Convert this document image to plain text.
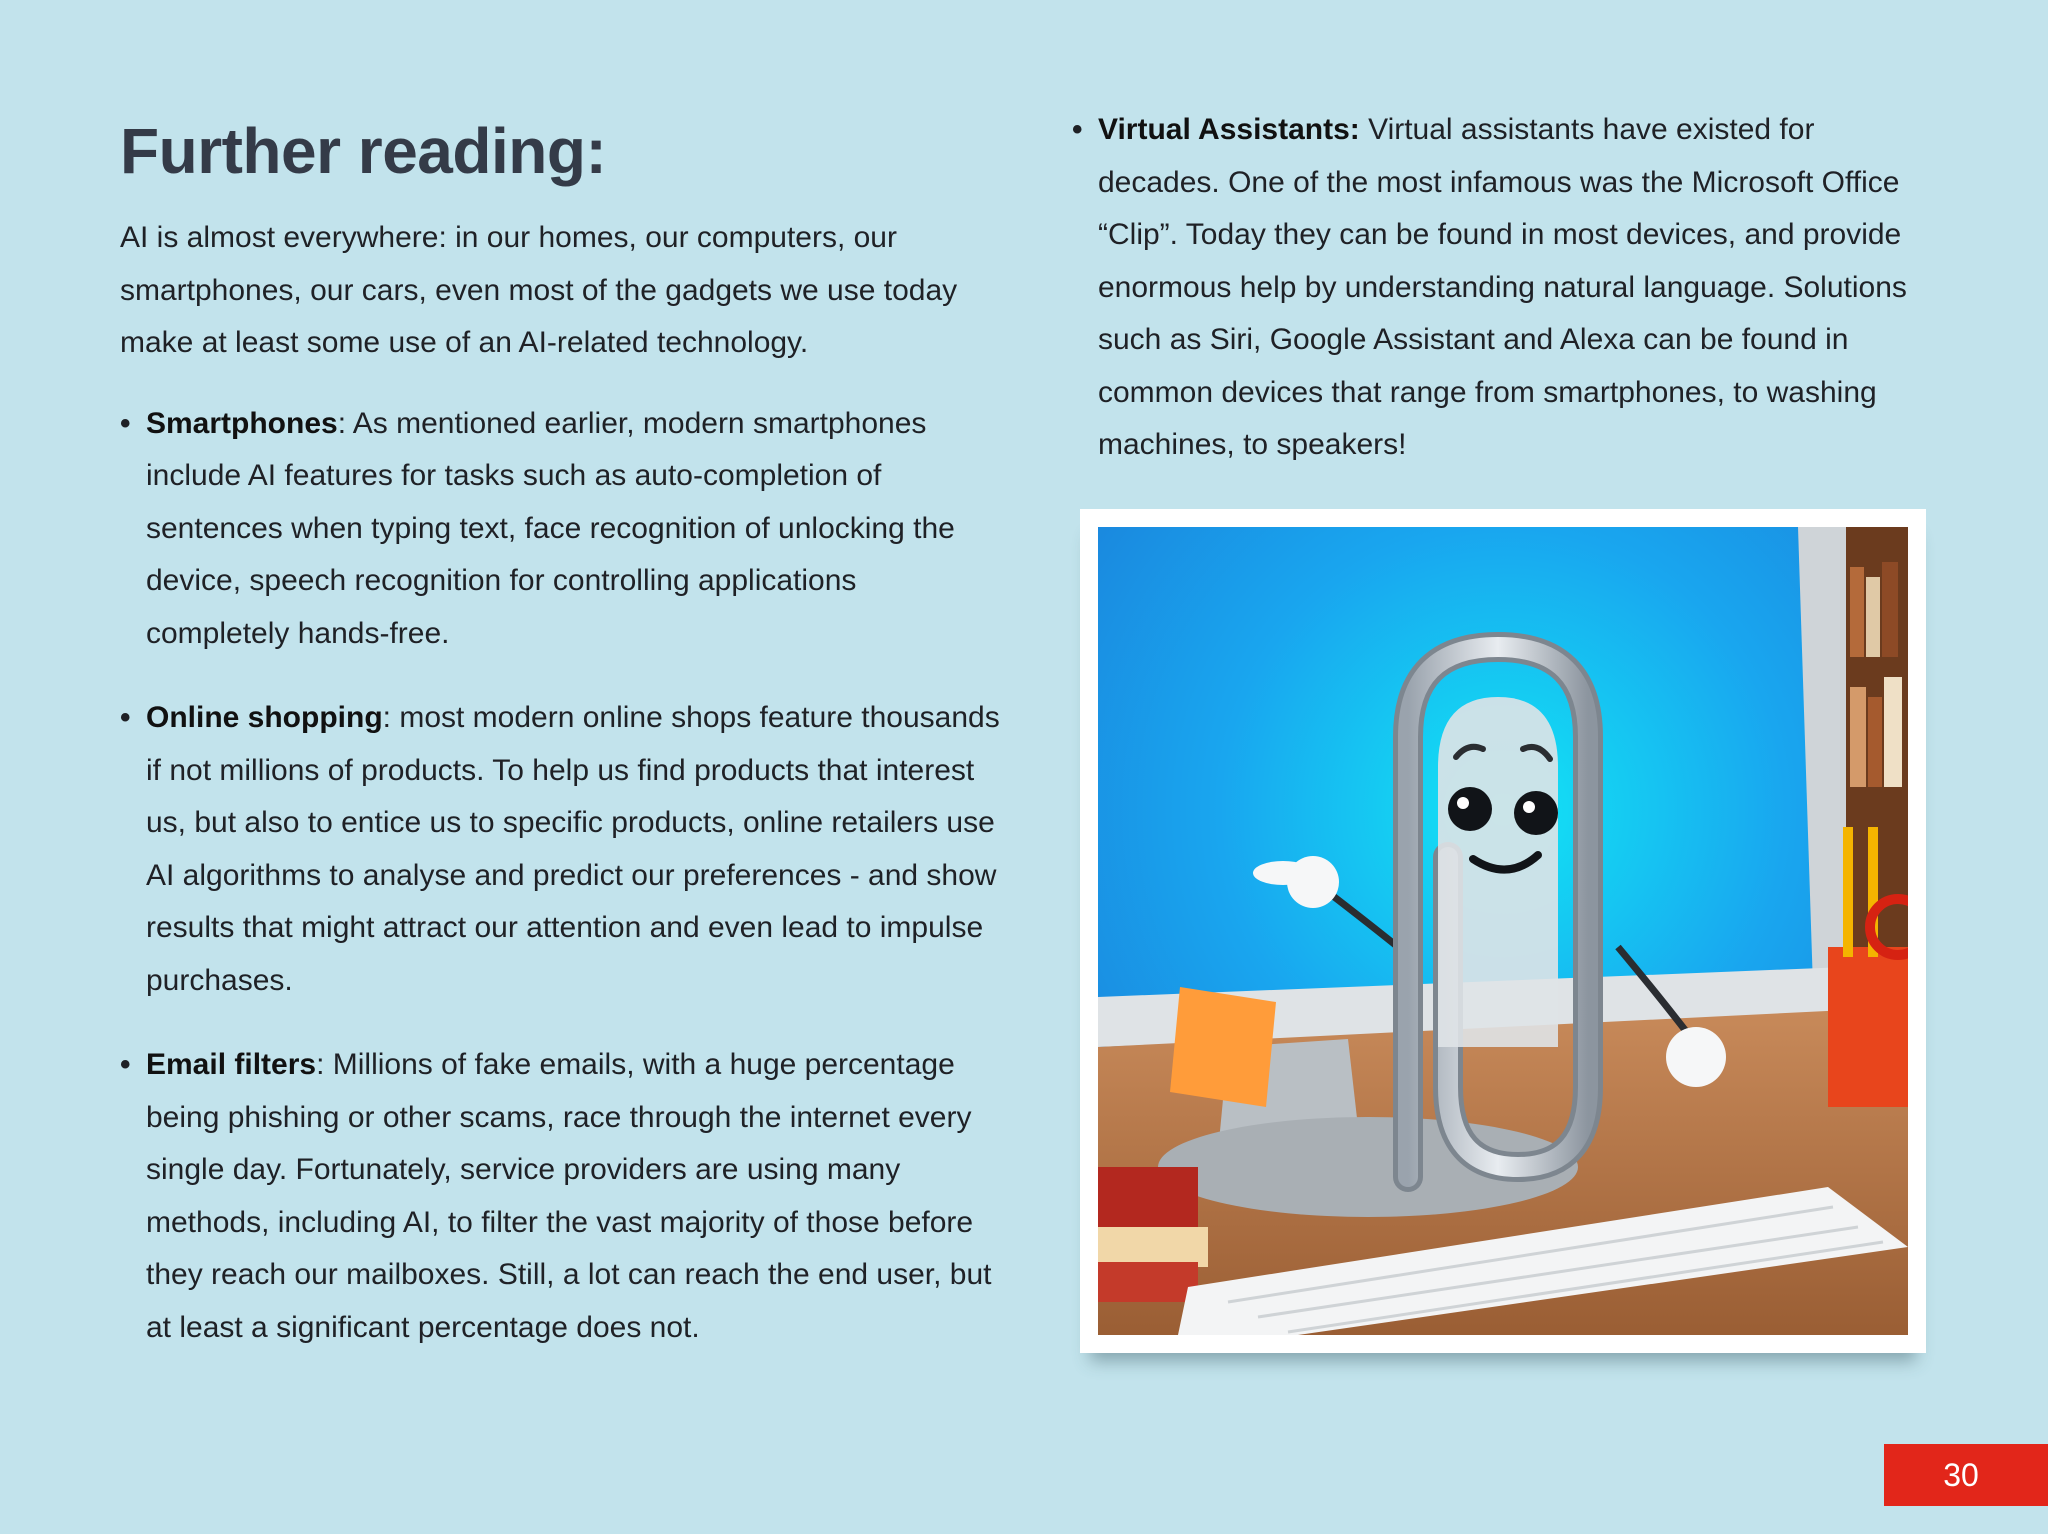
Further reading:

AI is almost everywhere: in our homes, our computers, our smartphones, our cars, even most of the gadgets we use today make at least some use of an AI-related technology.

• Smartphones: As mentioned earlier, modern smartphones include AI features for tasks such as auto-completion of sentences when typing text, face recognition of unlocking the device, speech recognition for controlling applications completely hands-free.
• Online shopping: most modern online shops feature thousands if not millions of products. To help us find products that interest us, but also to entice us to specific products, online retailers use AI algorithms to analyse and predict our preferences - and show results that might attract our attention and even lead to impulse purchases.
• Email filters: Millions of fake emails, with a huge percentage being phishing or other scams, race through the internet every single day. Fortunately, service providers are using many methods, including AI, to filter the vast majority of those before they reach our mailboxes. Still, a lot can reach the end user, but at least a significant percentage does not.
• Virtual Assistants: Virtual assistants have existed for decades. One of the most infamous was the Microsoft Office “Clip”. Today they can be found in most devices, and provide enormous help by understanding natural language. Solutions such as Siri, Google Assistant and Alexa can be found in common devices that range from smartphones, to washing machines, to speakers!
30
